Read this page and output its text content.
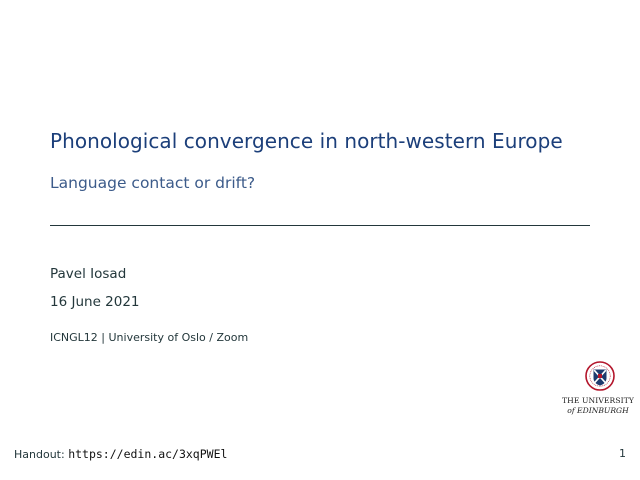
Phonological convergence in north-western Europe
Language contact or drift?
Pavel Iosad
16 June 2021
ICNGL12 | University of Oslo / Zoom
THE UNIVERSITY
of EDINBURGH
Handout: https://edin.ac/3xqPWEl	1
